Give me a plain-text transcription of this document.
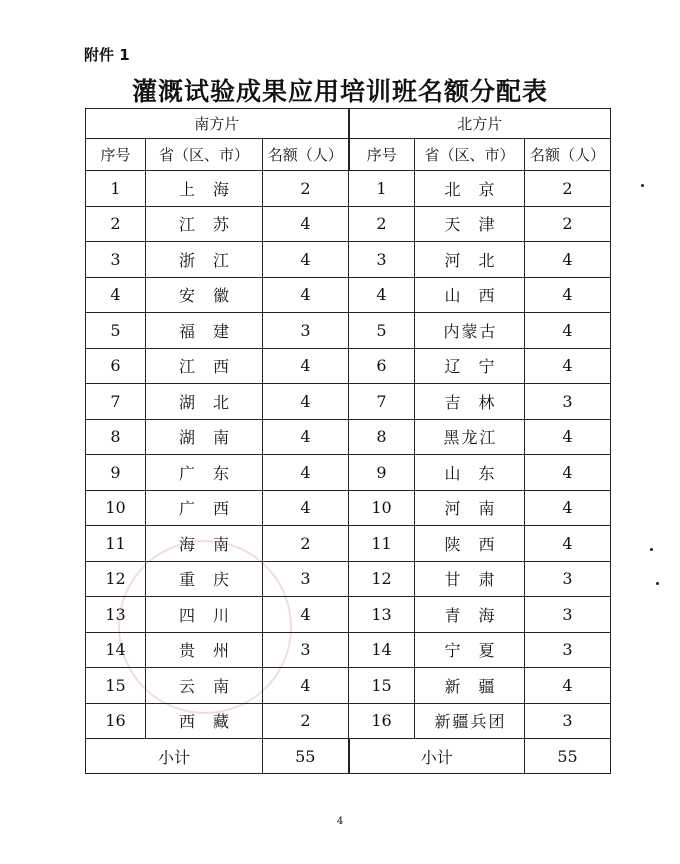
附件 1
灌溉试验成果应用培训班名额分配表
南方片			北方片		
序号	省（区、市）	名额（人）	序号	省（区、市）	名额（人）
1	上海	2	1	北京	2
2	江苏	4	2	天津	2
3	浙江	4	3	河北	4
4	安徽	4	4	山西	4
5	福建	3	5	内蒙古	4
6	江西	4	6	辽宁	4
7	湖北	4	7	吉林	3
8	湖南	4	8	黑龙江	4
9	广东	4	9	山东	4
10	广西	4	10	河南	4
11	海南	2	11	陕西	4
12	重庆	3	12	甘肃	3
13	四川	4	13	青海	3
14	贵州	3	14	宁夏	3
15	云南	4	15	新疆	4
16	西藏	2	16	新疆兵团	3
小计		55	小计		55
4
